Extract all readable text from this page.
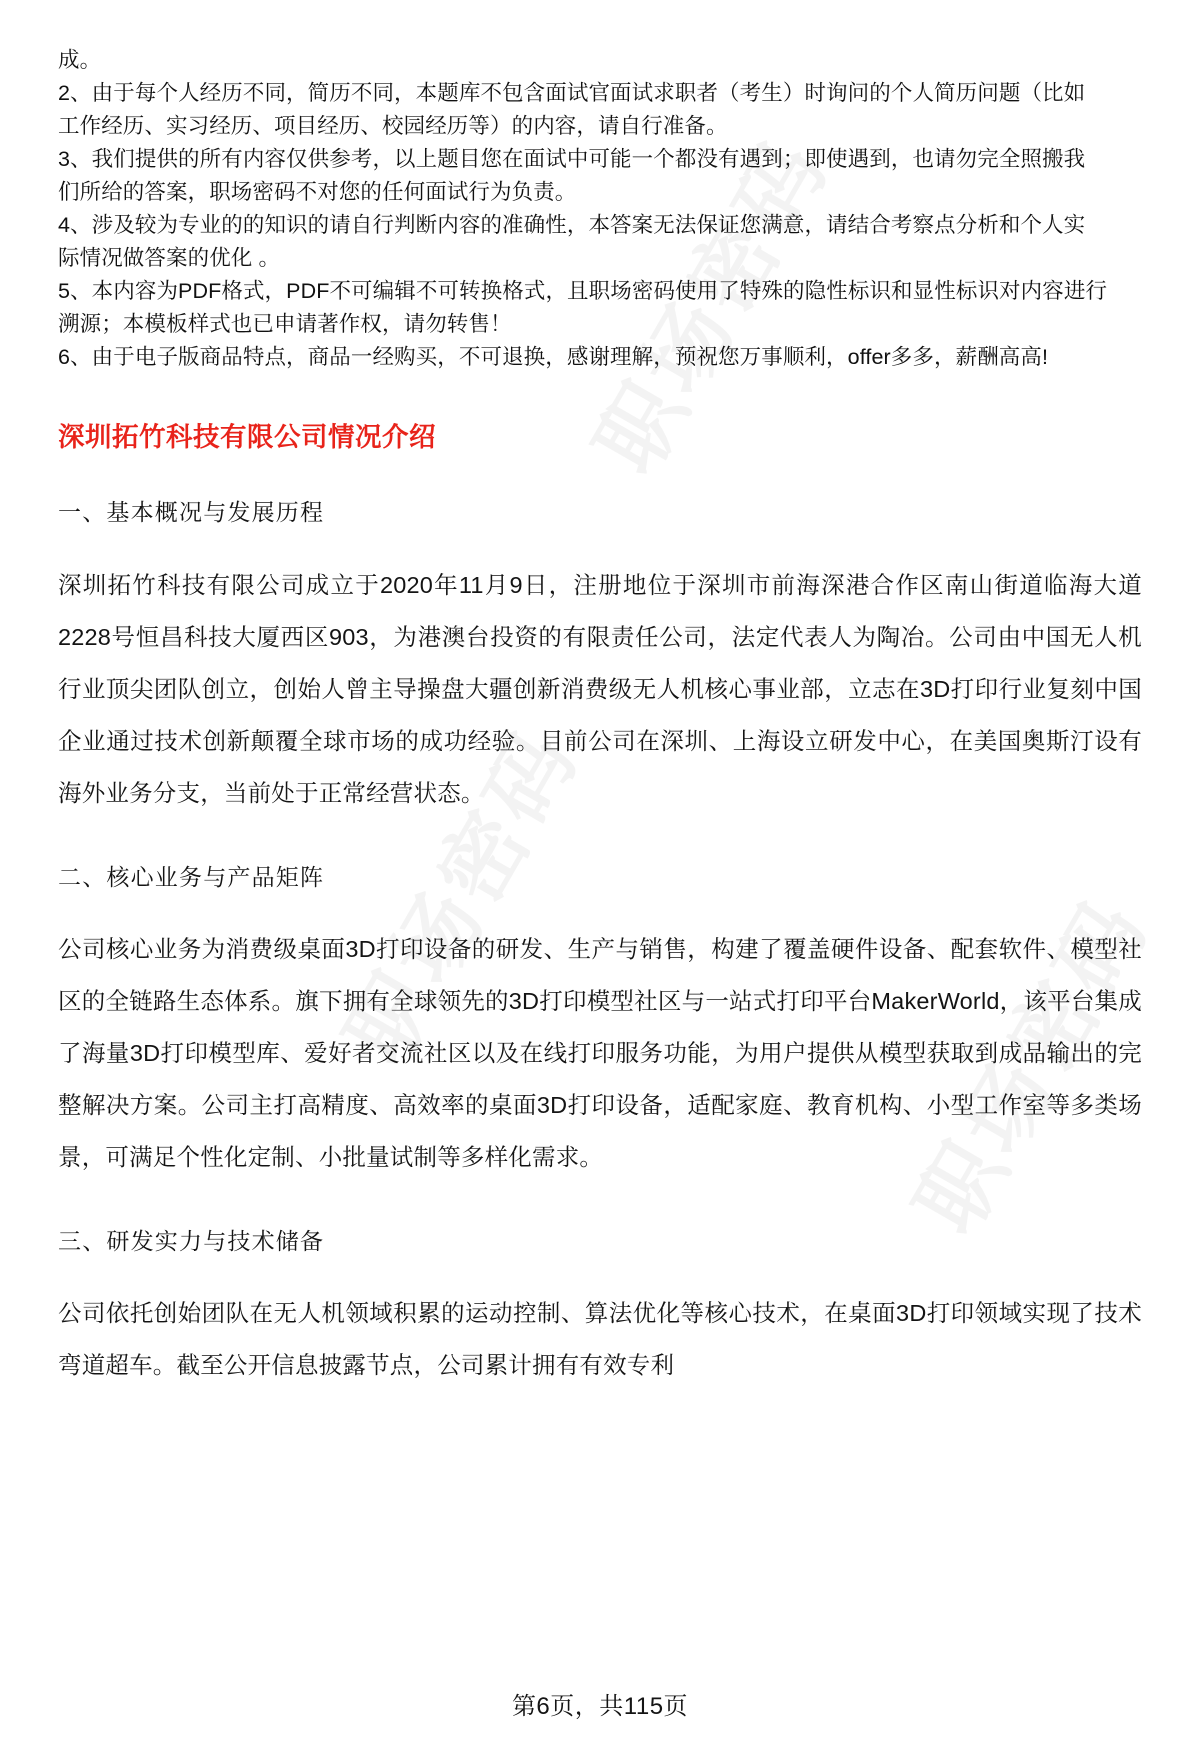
成。

2、由于每个人经历不同，简历不同，本题库不包含面试官面试求职者（考生）时询问的个人简历问题（比如

工作经历、实习经历、项目经历、校园经历等）的内容，请自行准备。

3、我们提供的所有内容仅供参考，以上题目您在面试中可能一个都没有遇到；即使遇到，也请勿完全照搬我

们所给的答案，职场密码不对您的任何面试行为负责。

4、涉及较为专业的的知识的请自行判断内容的准确性，本答案无法保证您满意，请结合考察点分析和个人实

际情况做答案的优化 。

5、本内容为PDF格式，PDF不可编辑不可转换格式，且职场密码使用了特殊的隐性标识和显性标识对内容进行

溯源；本模板样式也已申请著作权，请勿转售！

6、由于电子版商品特点，商品一经购买，不可退换，感谢理解，预祝您万事顺利，offer多多，薪酬高高!

深圳拓竹科技有限公司情况介绍
一、基本概况与发展历程

深圳拓竹科技有限公司成立于2020年11月9日，注册地位于深圳市前海深港合作区南山街道临海大道2228号恒昌科技大厦西区903，为港澳台投资的有限责任公司，法定代表人为陶冶。公司由中国无人机行业顶尖团队创立，创始人曾主导操盘大疆创新消费级无人机核心事业部，立志在3D打印行业复刻中国企业通过技术创新颠覆全球市场的成功经验。目前公司在深圳、上海设立研发中心，在美国奥斯汀设有海外业务分支，当前处于正常经营状态。

二、核心业务与产品矩阵

公司核心业务为消费级桌面3D打印设备的研发、生产与销售，构建了覆盖硬件设备、配套软件、模型社区的全链路生态体系。旗下拥有全球领先的3D打印模型社区与一站式打印平台MakerWorld，该平台集成了海量3D打印模型库、爱好者交流社区以及在线打印服务功能，为用户提供从模型获取到成品输出的完整解决方案。公司主打高精度、高效率的桌面3D打印设备，适配家庭、教育机构、小型工作室等多类场景，可满足个性化定制、小批量试制等多样化需求。

三、研发实力与技术储备

公司依托创始团队在无人机领域积累的运动控制、算法优化等核心技术，在桌面3D打印领域实现了技术弯道超车。截至公开信息披露节点，公司累计拥有有效专利

第6页，共115页
